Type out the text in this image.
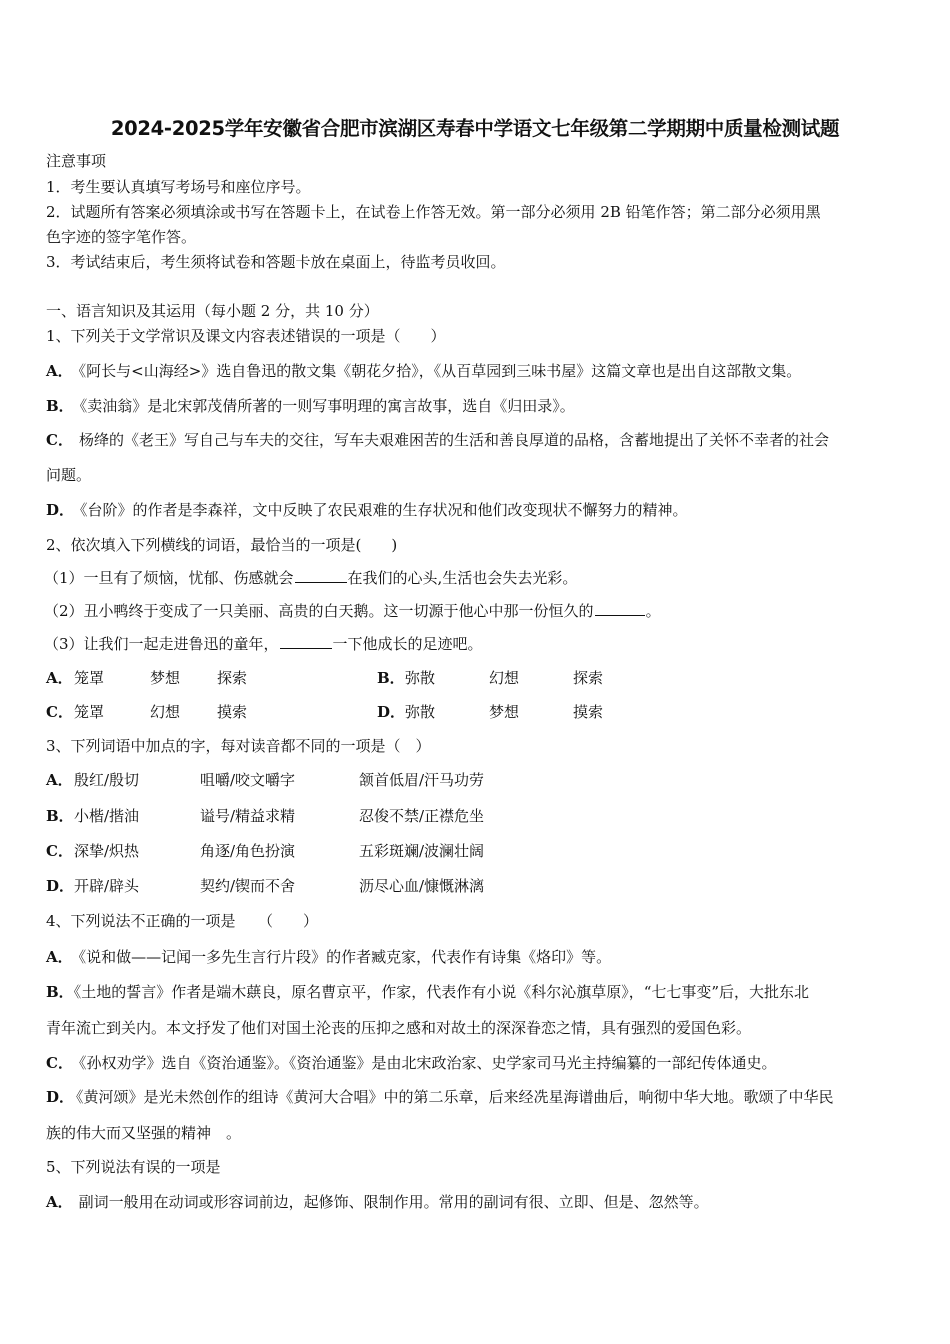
2024-2025学年安徽省合肥市滨湖区寿春中学语文七年级第二学期期中质量检测试题
注意事项
1．考生要认真填写考场号和座位序号。
2．试题所有答案必须填涂或书写在答题卡上，在试卷上作答无效。第一部分必须用 2B 铅笔作答；第二部分必须用黑
色字迹的签字笔作答。
3．考试结束后，考生须将试卷和答题卡放在桌面上，待监考员收回。
一、语言知识及其运用（每小题 2 分，共 10 分）
1、下列关于文学常识及课文内容表述错误的一项是（　　）
A． 《阿长与<山海经>》选自鲁迅的散文集《朝花夕拾》，《从百草园到三味书屋》这篇文章也是出自这部散文集。
B． 《卖油翁》是北宋郭茂倩所著的一则写事明理的寓言故事，选自《归田录》。
C． 杨绛的《老王》写自己与车夫的交往，写车夫艰难困苦的生活和善良厚道的品格，含蓄地提出了关怀不幸者的社会
问题。
D． 《台阶》的作者是李森祥，文中反映了农民艰难的生存状况和他们改变现状不懈努力的精神。
2、依次填入下列横线的词语，最恰当的一项是(　　)
（1）一旦有了烦恼，忧郁、伤感就会	在我们的心头,生活也会失去光彩。
（2）丑小鸭终于变成了一只美丽、高贵的白天鹅。这一切源于他心中那一份恒久的	。
（3）让我们一起走进鲁迅的童年，	一下他成长的足迹吧。
A． 笼罩	梦想 探索	B． 弥散	幻想	探索
C． 笼罩	幻想 摸索	D． 弥散	梦想	摸索
3、下列词语中加点的字，每对读音都不同的一项是（　）
A． 殷红/殷切	咀嚼/咬文嚼字	颔首低眉/汗马功劳
B． 小楷/揩油	谥号/精益求精	忍俊不禁/正襟危坐
C． 深挚/炽热	角逐/角色扮演	五彩斑斓/波澜壮阔
D． 开辟/辟头	契约/锲而不舍	沥尽心血/慷慨淋漓
4、下列说法不正确的一项是　　（　　）
A． 《说和做——记闻一多先生言行片段》的作者臧克家，代表作有诗集《烙印》等。
B．《土地的誓言》作者是端木蕻良，原名曹京平，作家，代表作有小说《科尔沁旗草原》，“七七事变”后，大批东北
青年流亡到关内。本文抒发了他们对国土沦丧的压抑之感和对故土的深深眷恋之情，具有强烈的爱国色彩。
C． 《孙权劝学》选自《资治通鉴》。《资治通鉴》是由北宋政治家、史学家司马光主持编纂的一部纪传体通史。
D． 《黄河颂》是光未然创作的组诗《黄河大合唱》中的第二乐章，后来经冼星海谱曲后，响彻中华大地。歌颂了中华民
族的伟大而又坚强的精神　。
5、下列说法有误的一项是
A． 副词一般用在动词或形容词前边，起修饰、限制作用。常用的副词有很、立即、但是、忽然等。
